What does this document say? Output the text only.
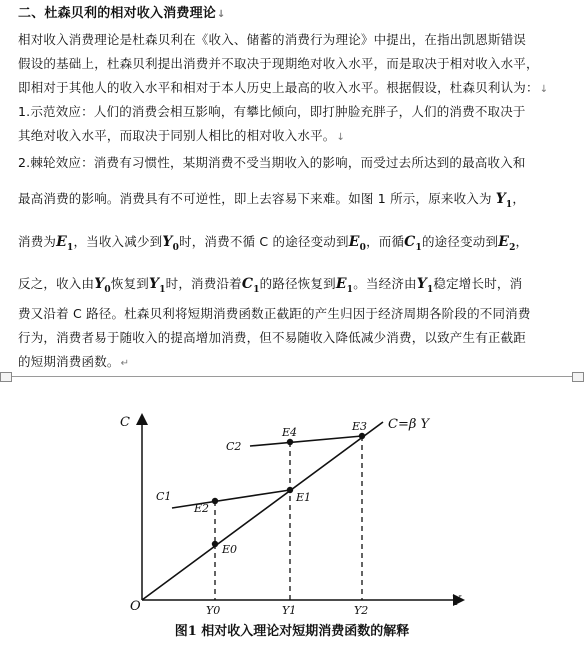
二、杜森贝利的相对收入消费理论↓
相对收入消费理论是杜森贝利在《收入、储蓄的消费行为理论》中提出，在指出凯恩斯错误
假设的基础上，杜森贝利提出消费并不取决于现期绝对收入水平，而是取决于相对收入水平，
即相对于其他人的收入水平和相对于本人历史上最高的收入水平。根据假设，杜森贝利认为：↓
1.示范效应：人们的消费会相互影响，有攀比倾向，即打肿脸充胖子，人们的消费不取决于
其绝对收入水平，而取决于同别人相比的相对收入水平。↓
2.棘轮效应：消费有习惯性，某期消费不受当期收入的影响，而受过去所达到的最高收入和
最高消费的影响。消费具有不可逆性，即上去容易下来难。如图 1 所示，原来收入为 $Y_1$，
消费为$E_1$，当收入减少到$Y_0$时，消费不循 C 的途径变动到$E_0$，而循$C_1$的途径变动到$E_2$，
反之，收入由$Y_0$恢复到$Y_1$时，消费沿着$C_1$的路径恢复到$E_1$。当经济由$Y_1$稳定增长时，消
费又沿着 C 路径。杜森贝利将短期消费函数正截距的产生归因于经济周期各阶段的不同消费
行为，消费者易于随收入的提高增加消费，但不易随收入降低减少消费，以致产生有正截距
的短期消费函数。↵
C
Y
O
C=β Y
C1
C2
E0
E1
E2
E3
E4
Y0	Y1	Y2
图1 相对收入理论对短期消费函数的解释
